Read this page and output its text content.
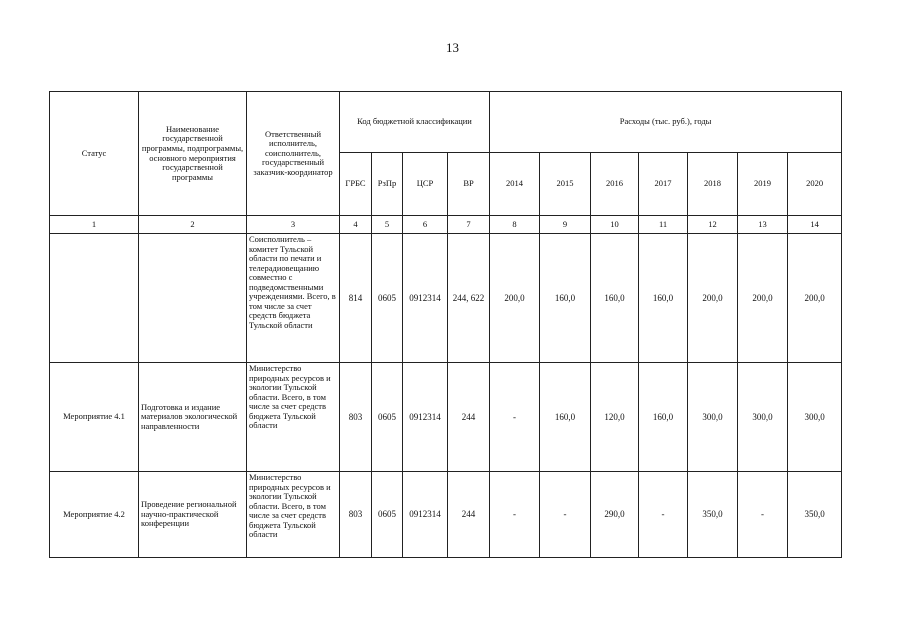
13
Статус	Наименование государственной программы, подпрограммы, основного мероприятия государственной программы	Ответственный исполнитель, соисполнитель, государственный заказчик-координатор	Код бюджетной классификации				Расходы (тыс. руб.), годы						
			ГРБС	РзПр	ЦСР	ВР	2014	2015	2016	2017	2018	2019	2020
1	2	3	4	5	6	7	8	9	10	11	12	13	14
		Соисполнитель – комитет Тульской области по печати и телерадиовещанию совместно с подведомственными учреждениями. Всего, в том числе за счет средств бюджета Тульской области	814	0605	0912314	244, 622	200,0	160,0	160,0	160,0	200,0	200,0	200,0
Мероприятие 4.1	Подготовка и издание материалов экологической направленности	Министерство природных ресурсов и экологии Тульской области. Всего, в том числе за счет средств бюджета Тульской области	803	0605	0912314	244	-	160,0	120,0	160,0	300,0	300,0	300,0
Мероприятие 4.2	Проведение региональной научно-практической конференции	Министерство природных ресурсов и экологии Тульской области. Всего, в том числе за счет средств бюджета Тульской области	803	0605	0912314	244	-	-	290,0	-	350,0	-	350,0
